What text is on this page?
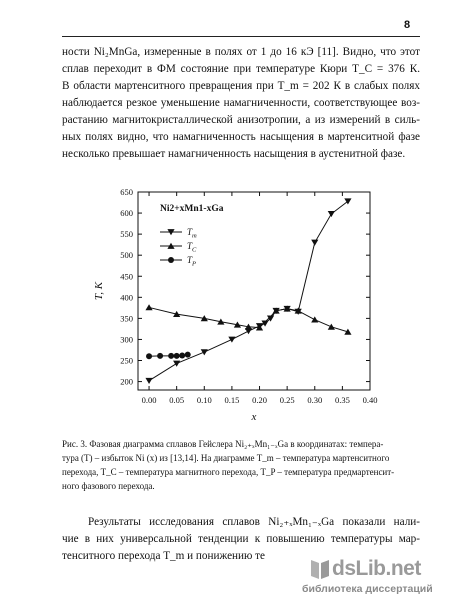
8

ности Ni₂MnGa, измеренные в полях от 1 до 16 кЭ [11]. Видно, что этот
сплав переходит в ФМ состояние при температуре Кюри T_C = 376 К.
В области мартенситного превращения при T_m = 202 К в слабых полях
наблюдается резкое уменьшение намагниченности, соответствующее воз-
растанию магнитокристаллической анизотропии, а из измерений в силь-
ных полях видно, что намагниченность насыщения в мартенситной фазе
несколько превышает намагниченность насыщения в аустенитной фазе.

0.00 0.05 0.10 0.15 0.20 0.25 0.30 0.35 0.40
200
250
300
350
400
450
500
550
600
650
x
T, K
Ni2+xMn1-xGa
$T_m$
$T_C$
$T_P$

Рис. 3. Фазовая диаграмма сплавов Гейслера Ni₂₊ₓMn₁₋ₓGa в координатах: темпера-
тура (T) – избыток Ni (x) из [13,14]. На диаграмме T_m – температура мартенситного
перехода, T_C – температура магнитного перехода, T_P – температура предмартенсит-
ного фазового перехода.

Результаты исследования сплавов Ni₂₊ₓMn₁₋ₓGa показали нали-
чие в них универсальной тенденции к повышению температуры мар-
тенситного перехода T_m и понижению те

dsLib.net
библиотека диссертаций
